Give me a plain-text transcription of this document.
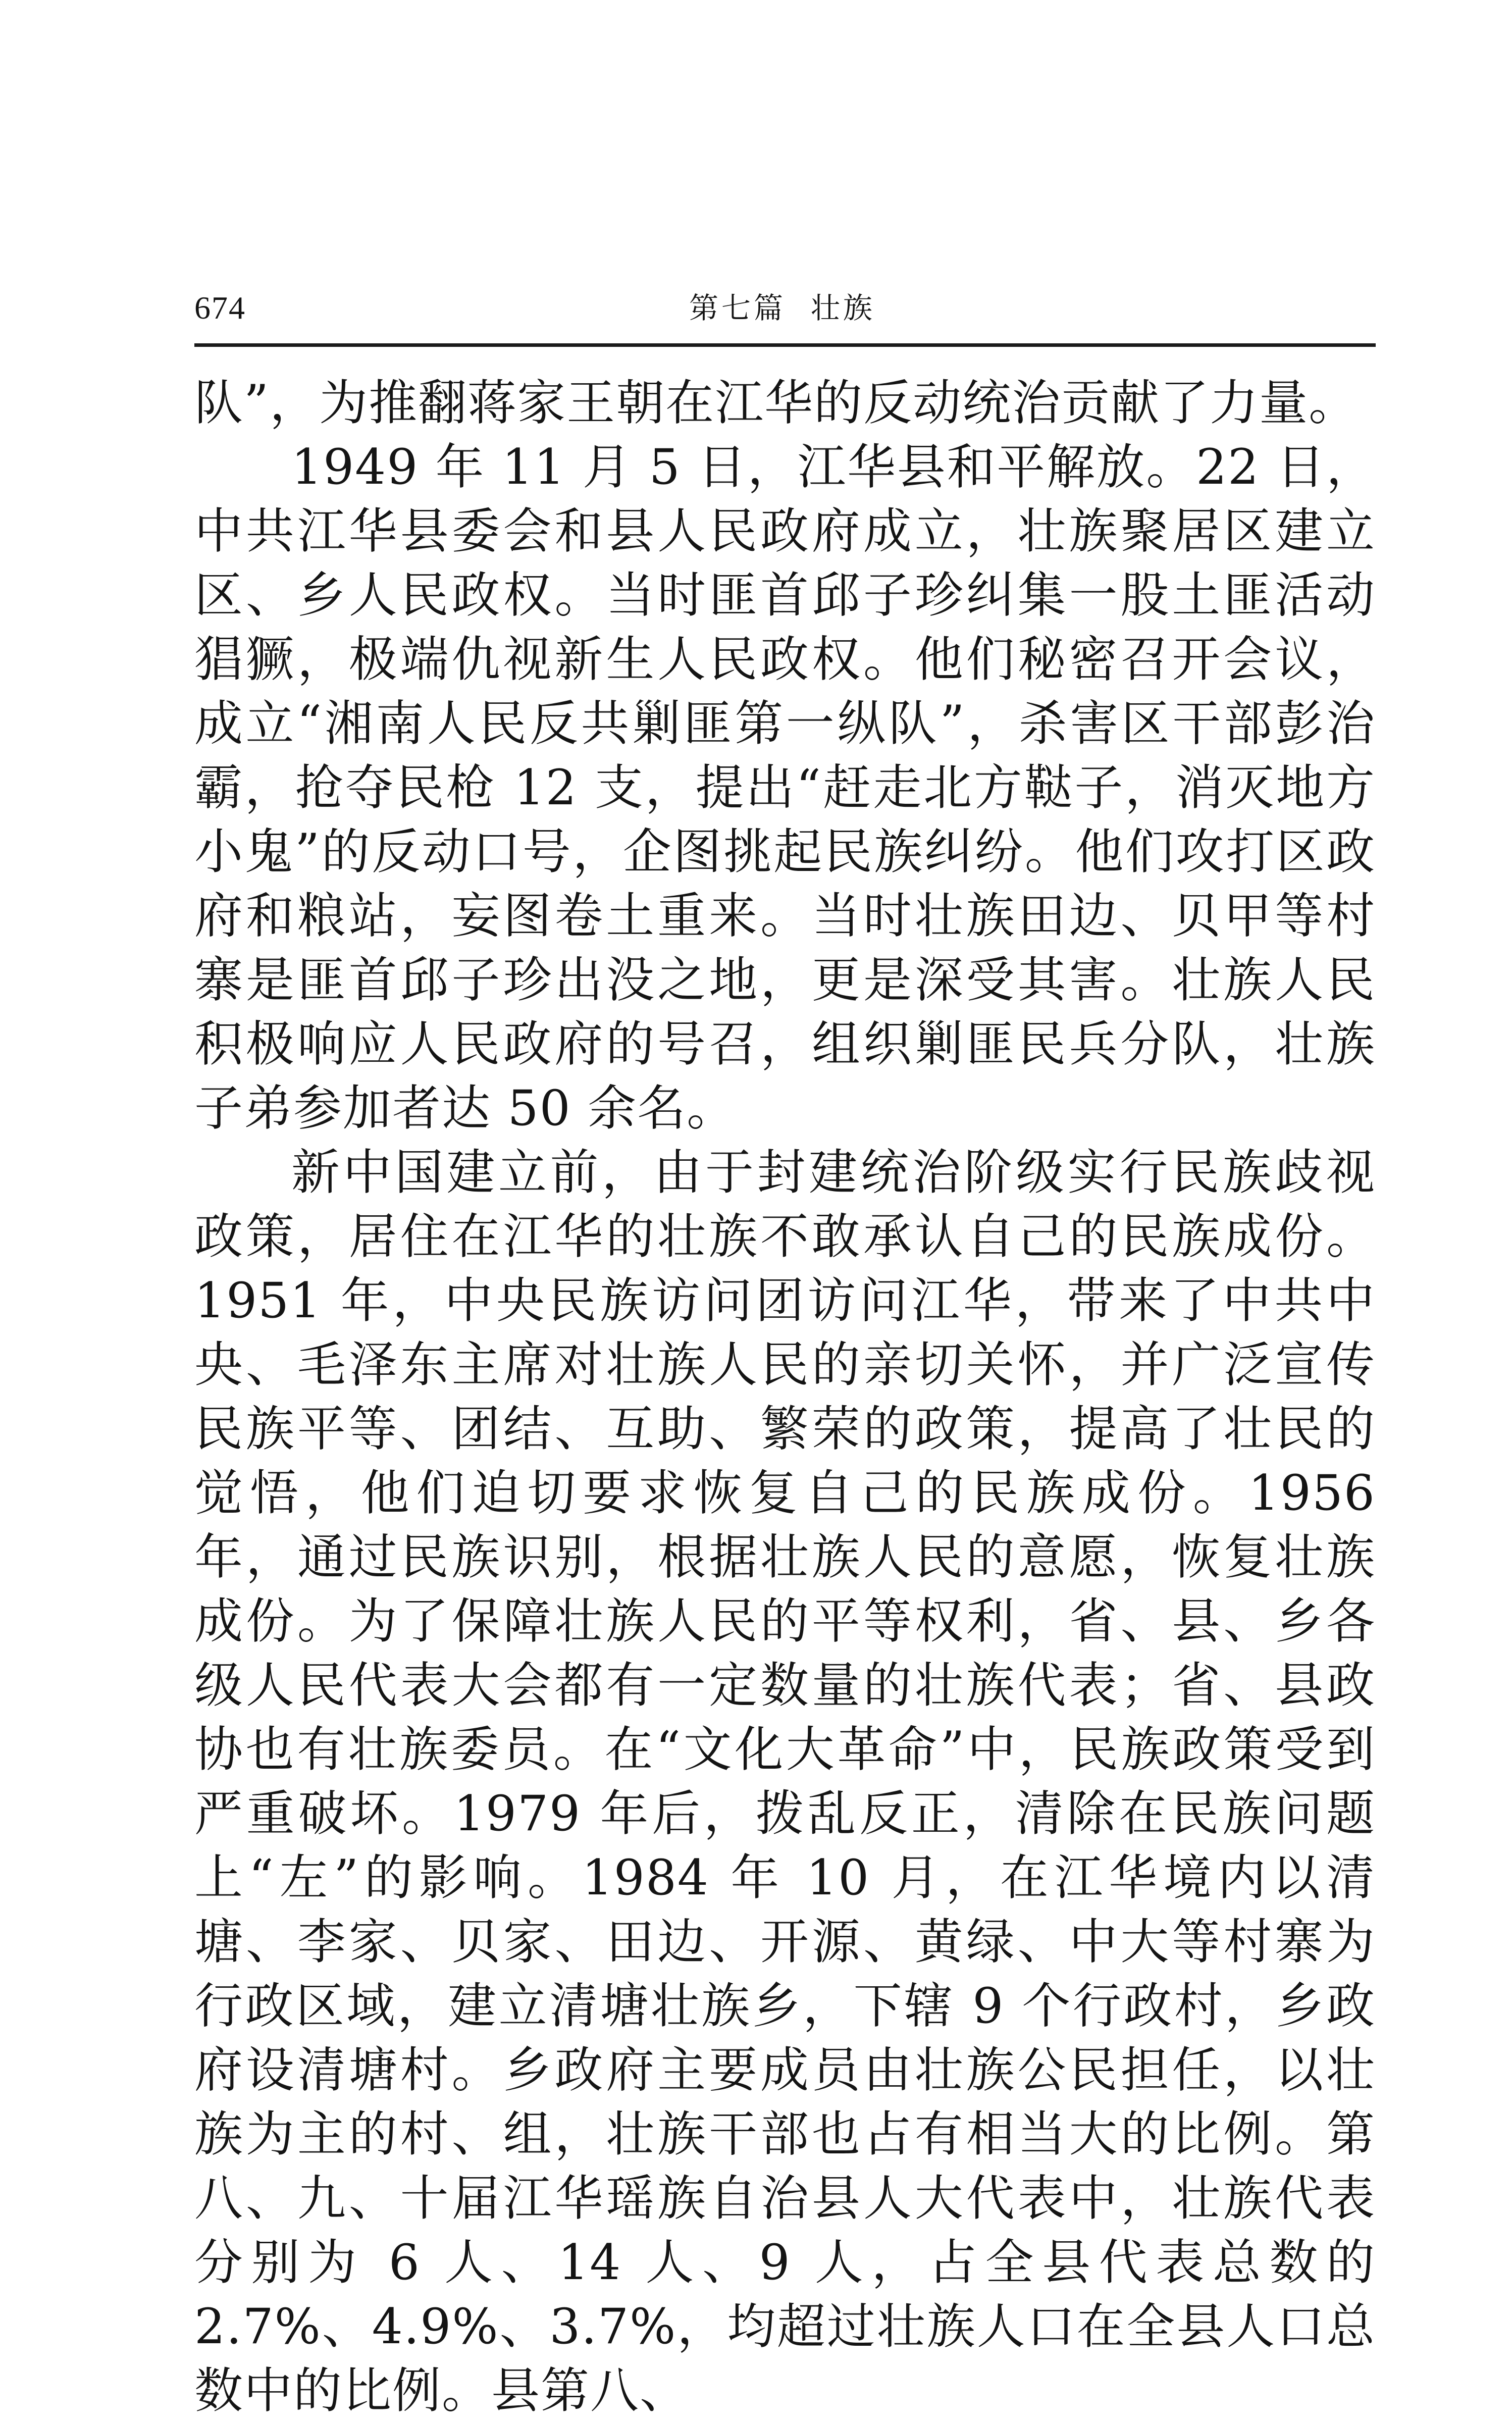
674	第七篇  壮族

队”，为推翻蒋家王朝在江华的反动统治贡献了力量。

1949 年 11 月 5 日，江华县和平解放。22 日，中共江华县委会和县人民政府成立，壮族聚居区建立区、乡人民政权。当时匪首邱子珍纠集一股土匪活动猖獗，极端仇视新生人民政权。他们秘密召开会议，成立“湘南人民反共剿匪第一纵队”，杀害区干部彭治霸，抢夺民枪 12 支，提出“赶走北方鞑子，消灭地方小鬼”的反动口号，企图挑起民族纠纷。他们攻打区政府和粮站，妄图卷土重来。当时壮族田边、贝甲等村寨是匪首邱子珍出没之地，更是深受其害。壮族人民积极响应人民政府的号召，组织剿匪民兵分队，壮族子弟参加者达 50 余名。

新中国建立前，由于封建统治阶级实行民族歧视政策，居住在江华的壮族不敢承认自己的民族成份。1951 年，中央民族访问团访问江华，带来了中共中央、毛泽东主席对壮族人民的亲切关怀，并广泛宣传民族平等、团结、互助、繁荣的政策，提高了壮民的觉悟，他们迫切要求恢复自己的民族成份。1956 年，通过民族识别，根据壮族人民的意愿，恢复壮族成份。为了保障壮族人民的平等权利，省、县、乡各级人民代表大会都有一定数量的壮族代表；省、县政协也有壮族委员。在“文化大革命”中，民族政策受到严重破坏。1979 年后，拨乱反正，清除在民族问题上“左”的影响。1984 年 10 月，在江华境内以清塘、李家、贝家、田边、开源、黄绿、中大等村寨为行政区域，建立清塘壮族乡，下辖 9 个行政村，乡政府设清塘村。乡政府主要成员由壮族公民担任，以壮族为主的村、组，壮族干部也占有相当大的比例。第八、九、十届江华瑶族自治县人大代表中，壮族代表分别为 6 人、14 人、9 人，占全县代表总数的 2.7%、4.9%、3.7%，均超过壮族人口在全县人口总数中的比例。县第八、
